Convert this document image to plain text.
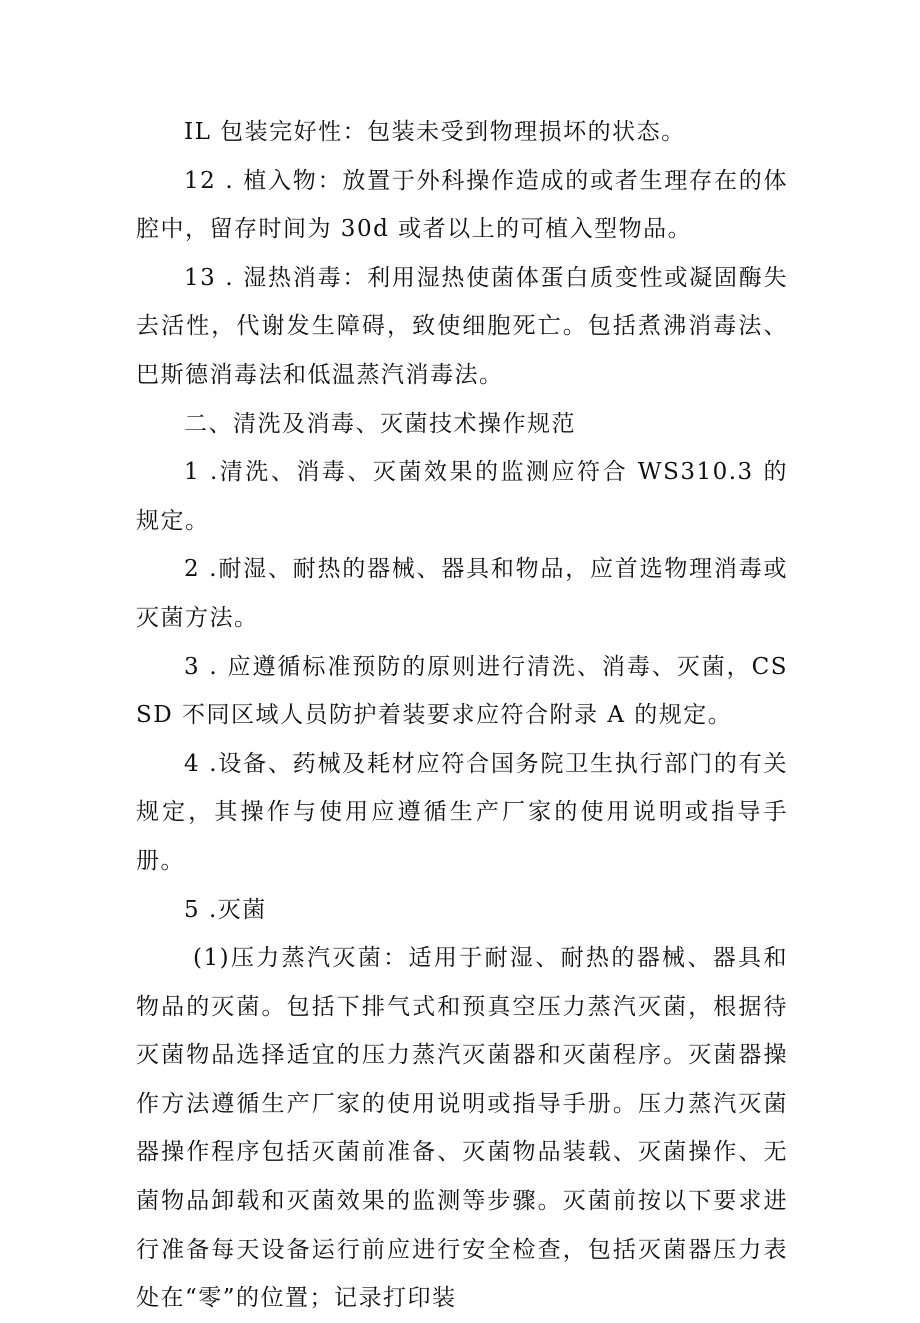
IL 包装完好性：包装未受到物理损坏的状态。

12 . 植入物：放置于外科操作造成的或者生理存在的体腔中，留存时间为 30d 或者以上的可植入型物品。

13 . 湿热消毒：利用湿热使菌体蛋白质变性或凝固酶失去活性，代谢发生障碍，致使细胞死亡。包括煮沸消毒法、巴斯德消毒法和低温蒸汽消毒法。

二、清洗及消毒、灭菌技术操作规范

1 .清洗、消毒、灭菌效果的监测应符合 WS310.3 的规定。

2 .耐湿、耐热的器械、器具和物品，应首选物理消毒或灭菌方法。

3 . 应遵循标准预防的原则进行清洗、消毒、灭菌，CSSD 不同区域人员防护着装要求应符合附录 A 的规定。

4 .设备、药械及耗材应符合国务院卫生执行部门的有关规定，其操作与使用应遵循生产厂家的使用说明或指导手册。

5 .灭菌

(1)压力蒸汽灭菌：适用于耐湿、耐热的器械、器具和物品的灭菌。包括下排气式和预真空压力蒸汽灭菌，根据待灭菌物品选择适宜的压力蒸汽灭菌器和灭菌程序。灭菌器操作方法遵循生产厂家的使用说明或指导手册。压力蒸汽灭菌器操作程序包括灭菌前准备、灭菌物品装载、灭菌操作、无菌物品卸载和灭菌效果的监测等步骤。灭菌前按以下要求进行准备每天设备运行前应进行安全检查，包括灭菌器压力表处在“零”的位置；记录打印装
